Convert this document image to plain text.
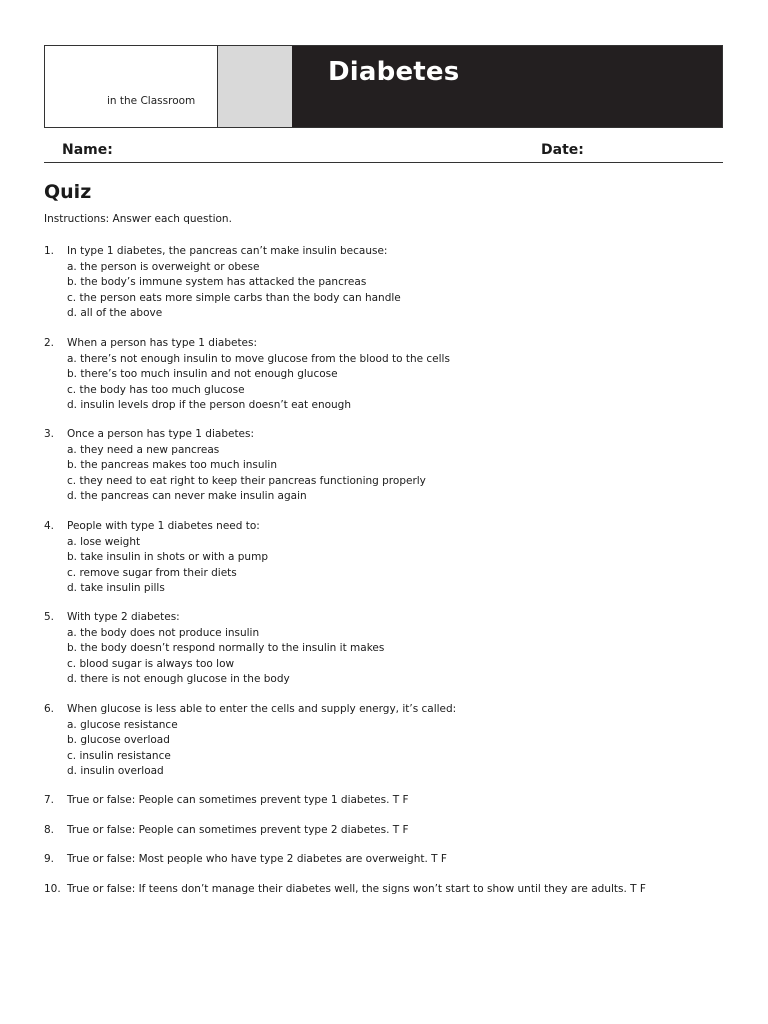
in the Classroom
Diabetes
Name:	Date:
Quiz
Instructions: Answer each question.
1. In type 1 diabetes, the pancreas can’t make insulin because:
a. the person is overweight or obese
b. the body’s immune system has attacked the pancreas
c. the person eats more simple carbs than the body can handle
d. all of the above
2. When a person has type 1 diabetes:
a. there’s not enough insulin to move glucose from the blood to the cells
b. there’s too much insulin and not enough glucose
c. the body has too much glucose
d. insulin levels drop if the person doesn’t eat enough
3. Once a person has type 1 diabetes:
a. they need a new pancreas
b. the pancreas makes too much insulin
c. they need to eat right to keep their pancreas functioning properly
d. the pancreas can never make insulin again
4. People with type 1 diabetes need to:
a. lose weight
b. take insulin in shots or with a pump
c. remove sugar from their diets
d. take insulin pills
5. With type 2 diabetes:
a. the body does not produce insulin
b. the body doesn’t respond normally to the insulin it makes
c. blood sugar is always too low
d. there is not enough glucose in the body
6. When glucose is less able to enter the cells and supply energy, it’s called:
a. glucose resistance
b. glucose overload
c. insulin resistance
d. insulin overload
7. True or false: People can sometimes prevent type 1 diabetes. T F
8. True or false: People can sometimes prevent type 2 diabetes. T F
9. True or false: Most people who have type 2 diabetes are overweight. T F
10. True or false: If teens don’t manage their diabetes well, the signs won’t start to show until they are adults. T F
